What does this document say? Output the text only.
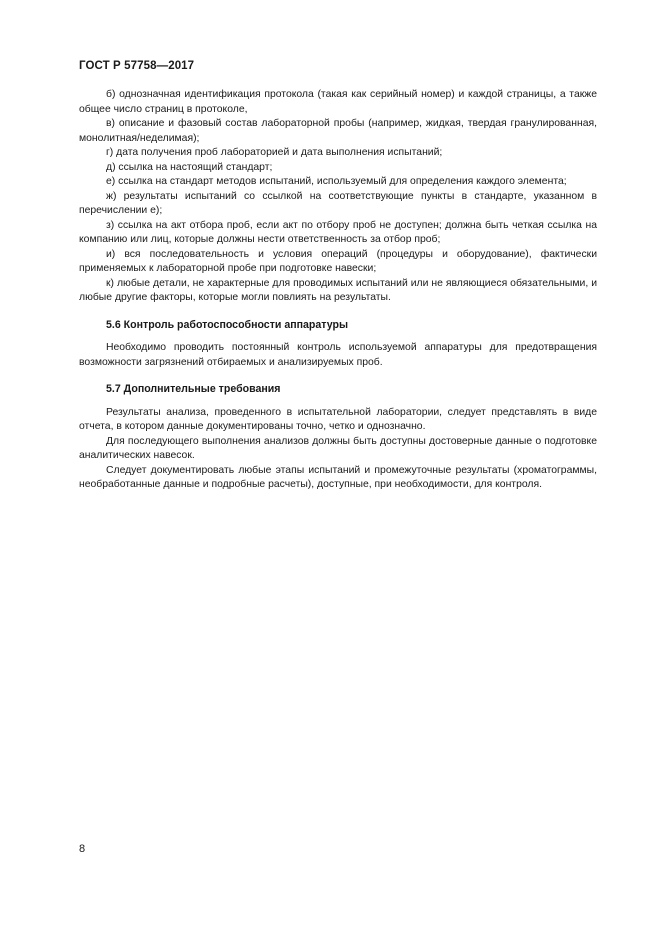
ГОСТ Р 57758—2017

б) однозначная идентификация протокола (такая как серийный номер) и каждой страницы, а также общее число страниц в протоколе,

в) описание и фазовый состав лабораторной пробы (например, жидкая, твердая гранулированная, монолитная/неделимая);

г) дата получения проб лабораторией и дата выполнения испытаний;

д) ссылка на настоящий стандарт;

е) ссылка на стандарт методов испытаний, используемый для определения каждого элемента;

ж) результаты испытаний со ссылкой на соответствующие пункты в стандарте, указанном в перечислении е);

з) ссылка на акт отбора проб, если акт по отбору проб не доступен; должна быть четкая ссылка на компанию или лиц, которые должны нести ответственность за отбор проб;

и) вся последовательность и условия операций (процедуры и оборудование), фактически применяемых к лабораторной пробе при подготовке навески;

к) любые детали, не характерные для проводимых испытаний или не являющиеся обязательными, и любые другие факторы, которые могли повлиять на результаты.

5.6 Контроль работоспособности аппаратуры

Необходимо проводить постоянный контроль используемой аппаратуры для предотвращения возможности загрязнений отбираемых и анализируемых проб.

5.7 Дополнительные требования

Результаты анализа, проведенного в испытательной лаборатории, следует представлять в виде отчета, в котором данные документированы точно, четко и однозначно.

Для последующего выполнения анализов должны быть доступны достоверные данные о подготовке аналитических навесок.

Следует документировать любые этапы испытаний и промежуточные результаты (хроматограммы, необработанные данные и подробные расчеты), доступные, при необходимости, для контроля.

8
